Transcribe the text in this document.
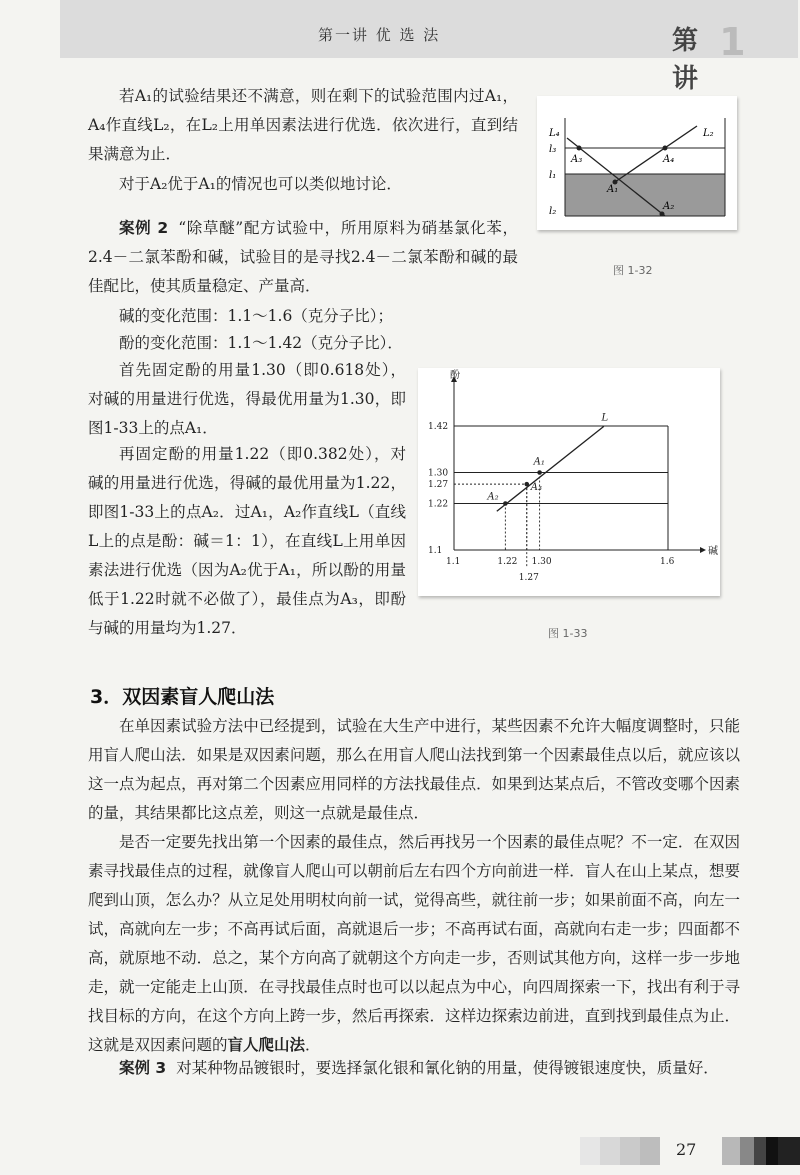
第一讲 优 选 法	第 1 讲
若A₁的试验结果还不满意，则在剩下的试验范围内过A₁，A₄作直线L₂，在L₂上用单因素法进行优选．依次进行，直到结果满意为止．
对于A₂优于A₁的情况也可以类似地讨论．
案例 2 “除草醚”配方试验中，所用原料为硝基氯化苯，2.4－二氯苯酚和碱，试验目的是寻找2.4－二氯苯酚和碱的最佳配比，使其质量稳定、产量高．
碱的变化范围：1.1～1.6（克分子比）；
酚的变化范围：1.1～1.42（克分子比）．
首先固定酚的用量1.30（即0.618处），对碱的用量进行优选，得最优用量为1.30，即图1-33上的点A₁．
再固定酚的用量1.22（即0.382处），对碱的用量进行优选，得碱的最优用量为1.22，即图1-33上的点A₂．过A₁，A₂作直线L（直线L上的点是酚：碱＝1：1），在直线L上用单因素法进行优选（因为A₂优于A₁，所以酚的用量低于1.22时就不必做了），最佳点为A₃，即酚与碱的用量均为1.27．
L₄
l₃
l₁
l₂
L₂
A₃	A₄
A₁
A₂
图 1-32
1.42
1.30
1.27
1.22
1.1
1.1	1.22 1.30	1.6
1.27
酚
碱
L
A₁
A₂
A₃
图 1-33
3．双因素盲人爬山法
在单因素试验方法中已经提到，试验在大生产中进行，某些因素不允许大幅度调整时，只能用盲人爬山法．如果是双因素问题，那么在用盲人爬山法找到第一个因素最佳点以后，就应该以这一点为起点，再对第二个因素应用同样的方法找最佳点．如果到达某点后，不管改变哪个因素的量，其结果都比这点差，则这一点就是最佳点．
是否一定要先找出第一个因素的最佳点，然后再找另一个因素的最佳点呢？不一定．在双因素寻找最佳点的过程，就像盲人爬山可以朝前后左右四个方向前进一样．盲人在山上某点，想要爬到山顶，怎么办？从立足处用明杖向前一试，觉得高些，就往前一步；如果前面不高，向左一试，高就向左一步；不高再试后面，高就退后一步；不高再试右面，高就向右走一步；四面都不高，就原地不动．总之，某个方向高了就朝这个方向走一步，否则试其他方向，这样一步一步地走，就一定能走上山顶．在寻找最佳点时也可以以起点为中心，向四周探索一下，找出有利于寻找目标的方向，在这个方向上跨一步，然后再探索．这样边探索边前进，直到找到最佳点为止．这就是双因素问题的盲人爬山法．
案例 3 对某种物品镀银时，要选择氯化银和氰化钠的用量，使得镀银速度快，质量好．
27
